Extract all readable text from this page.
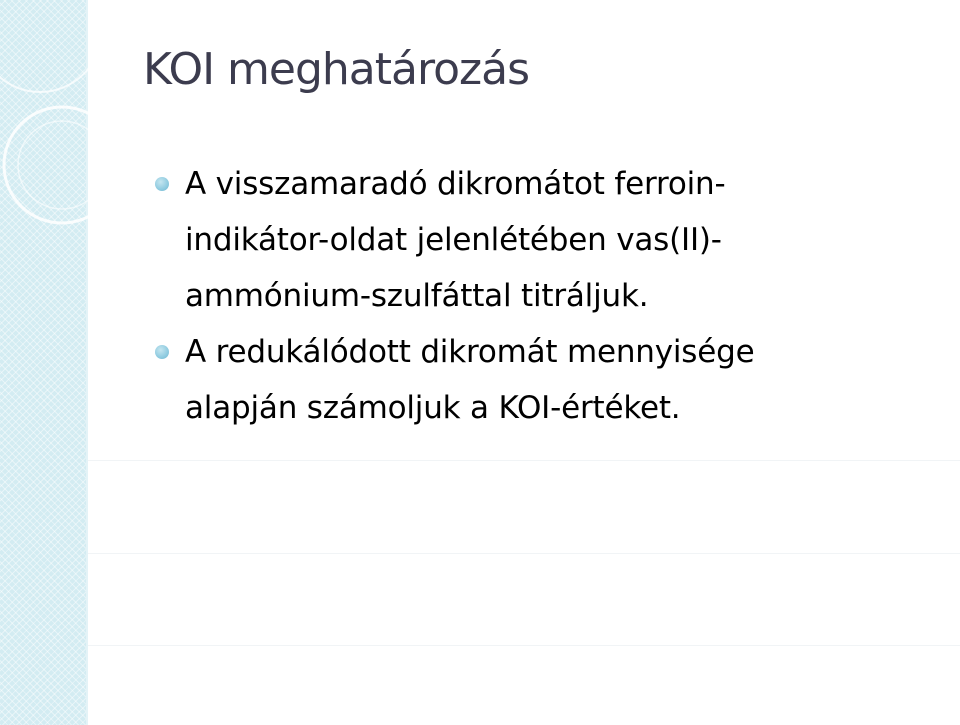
KOI meghatározás
A visszamaradó dikromátot ferroin-
indikátor-oldat jelenlétében vas(II)-
ammónium-szulfáttal titráljuk.
A redukálódott dikromát mennyisége
alapján számoljuk a KOI-értéket.
